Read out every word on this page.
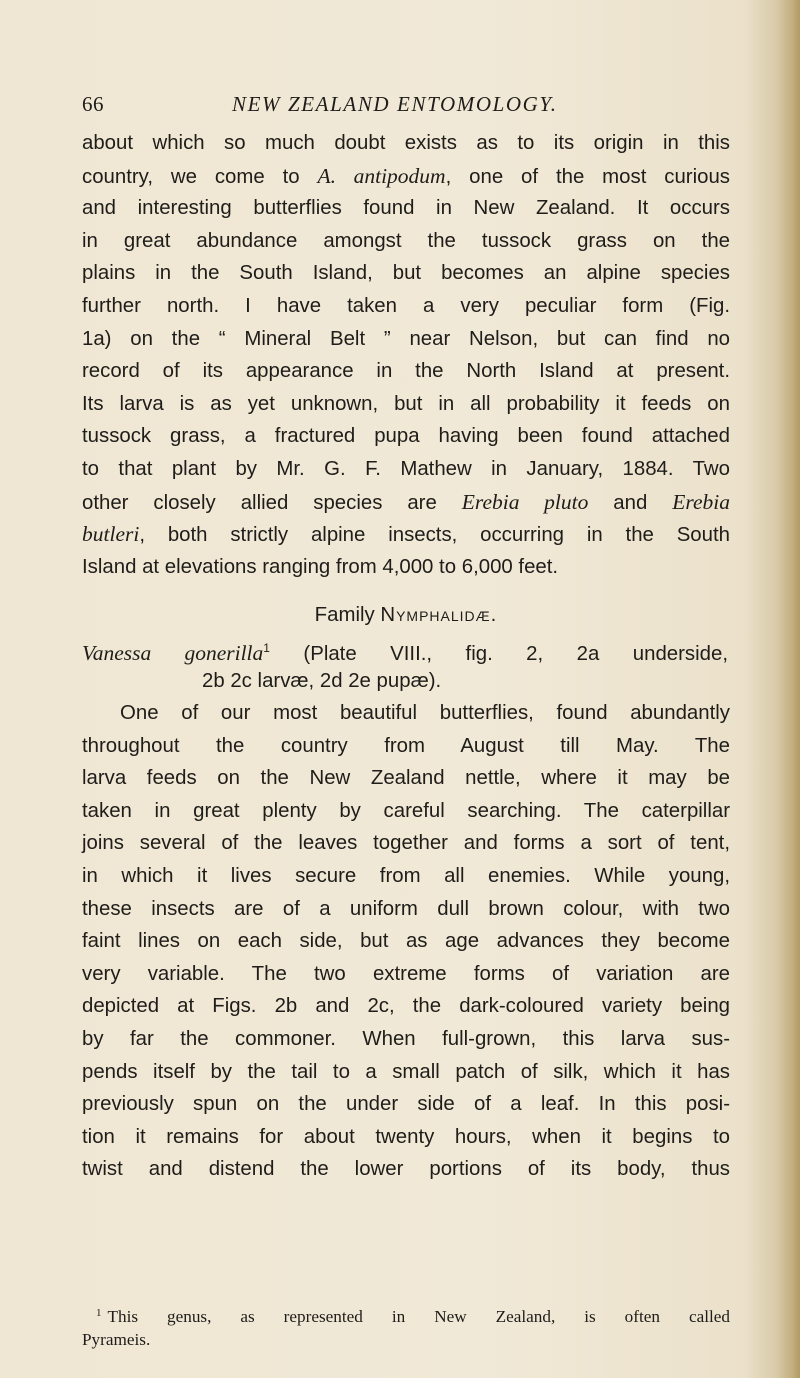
66	NEW ZEALAND ENTOMOLOGY.
about which so much doubt exists as to its origin in this
country, we come to A. antipodum, one of the most curious
and interesting butterflies found in New Zealand. It occurs
in great abundance amongst the tussock grass on the
plains in the South Island, but becomes an alpine species
further north. I have taken a very peculiar form (Fig.
1a) on the “ Mineral Belt ” near Nelson, but can find no
record of its appearance in the North Island at present.
Its larva is as yet unknown, but in all probability it feeds on
tussock grass, a fractured pupa having been found attached
to that plant by Mr. G. F. Mathew in January, 1884. Two
other closely allied species are Erebia pluto and Erebia
butleri, both strictly alpine insects, occurring in the South
Island at elevations ranging from 4,000 to 6,000 feet.
Family Nymphalidæ.
Vanessa gonerilla$^1$ (Plate VIII., fig. 2, 2a underside,
2b 2c larvæ, 2d 2e pupæ).
One of our most beautiful butterflies, found abundantly
throughout the country from August till May. The
larva feeds on the New Zealand nettle, where it may be
taken in great plenty by careful searching. The caterpillar
joins several of the leaves together and forms a sort of tent,
in which it lives secure from all enemies. While young,
these insects are of a uniform dull brown colour, with two
faint lines on each side, but as age advances they become
very variable. The two extreme forms of variation are
depicted at Figs. 2b and 2c, the dark-coloured variety being
by far the commoner. When full-grown, this larva sus-
pends itself by the tail to a small patch of silk, which it has
previously spun on the under side of a leaf. In this posi-
tion it remains for about twenty hours, when it begins to
twist and distend the lower portions of its body, thus
$^1$ This genus, as represented in New Zealand, is often called
Pyrameis.
